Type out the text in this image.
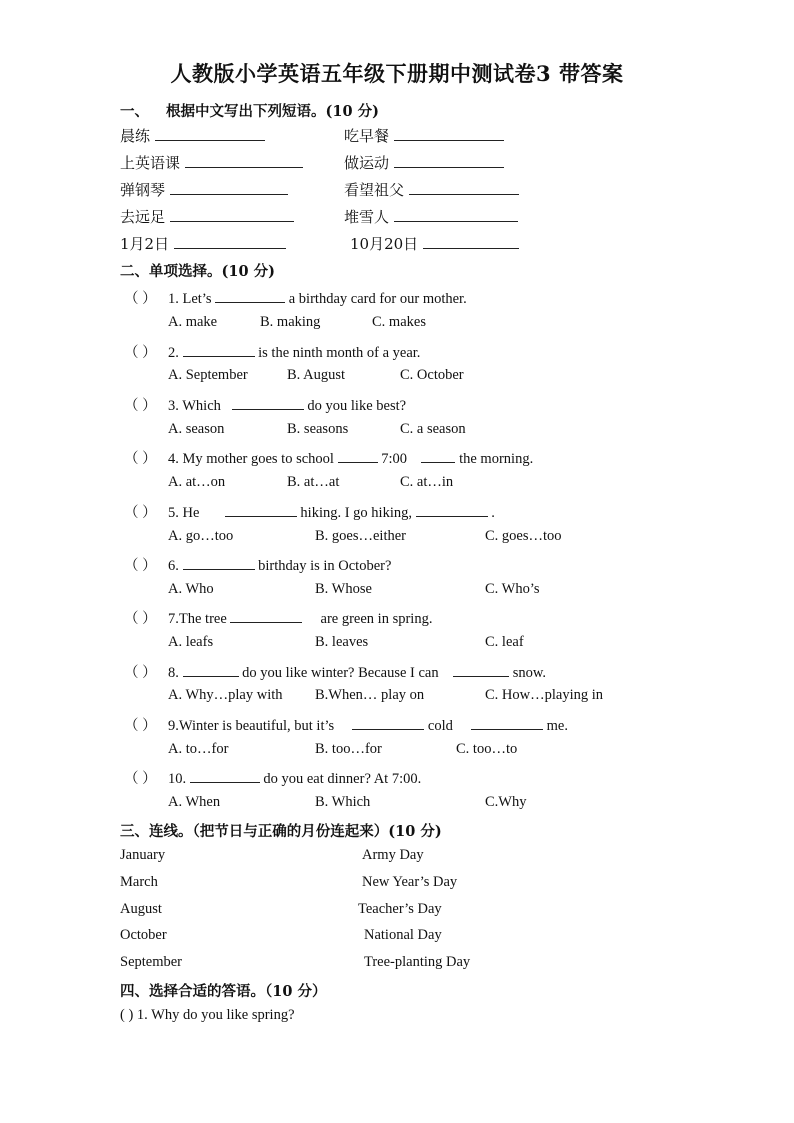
人教版小学英语五年级下册期中测试卷3 带答案
一、 根据中文写出下列短语。(10 分)
晨练	吃早餐
上英语课	做运动
弹钢琴	看望祖父
去远足	堆雪人
1月2日	10月20日
二、单项选择。(10 分)
（ ） 1. Let’s	a birthday card for our mother.
A. make	B. making	C. makes
（ ） 2.	is the ninth month of a year.
A. September	B. August	C. October
（ ） 3. Which	do you like best?
A. season	B. seasons	C. a season
（ ） 4. My mother goes to school	7:00	the morning.
A. at…on	B. at…at	C. at…in
（ ） 5. He	hiking. I go hiking,	.
A. go…too	B. goes…either	C. goes…too
（ ） 6.	birthday is in October?
A. Who	B. Whose	C. Who’s
（ ） 7.The tree	are green in spring.
A. leafs	B. leaves	C. leaf
（ ） 8.	do you like winter? Because I can	snow.
A. Why…play with B.When… play on	C. How…playing in
（ ） 9.Winter is beautiful, but it’s	cold	me.
A. to…for	B. too…for	C. too…to
（ ） 10.	do you eat dinner? At 7:00.
A. When	B. Which	C.Why
三、连线。（把节日与正确的月份连起来）(10 分)
January	Army Day
March	New Year’s Day
August	Teacher’s Day
October	National Day
September	Tree-planting Day
四、选择合适的答语。（10 分）
( ) 1. Why do you like spring?
